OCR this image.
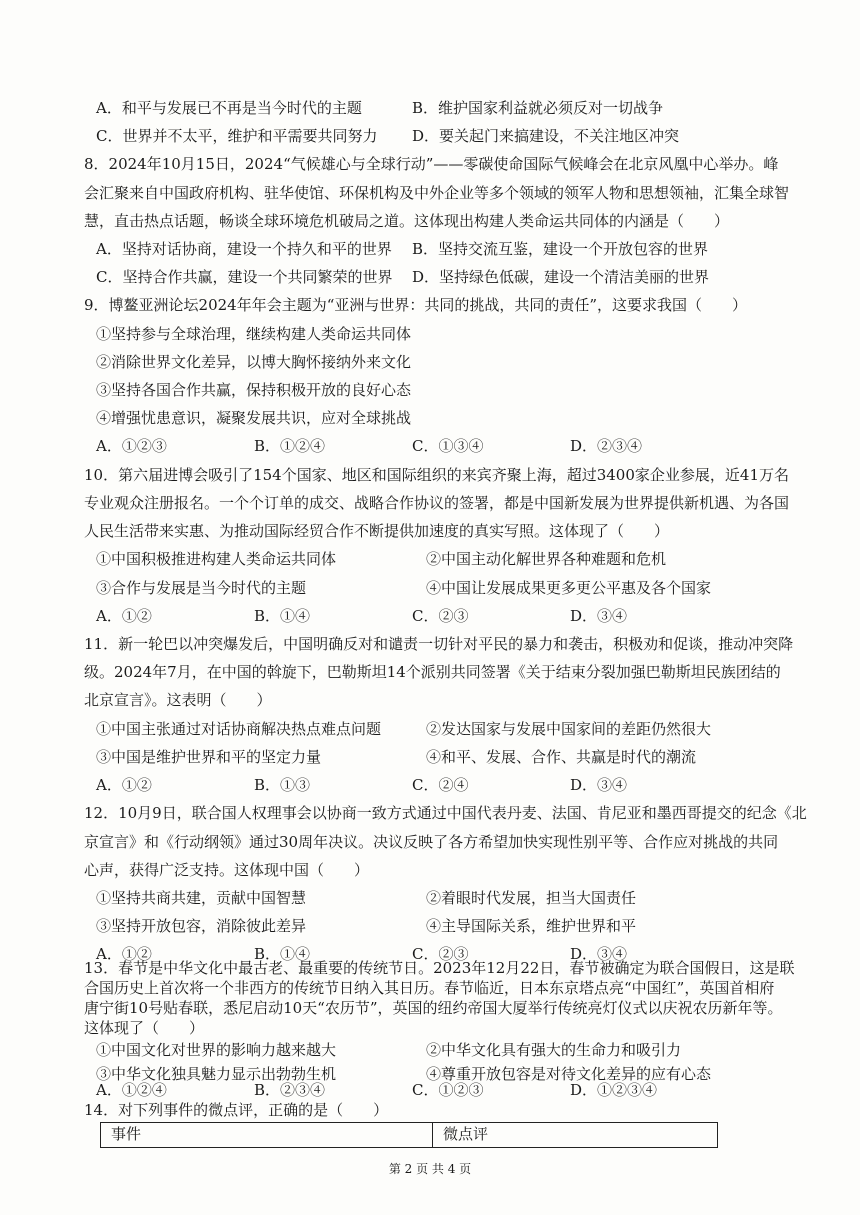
A．和平与发展已不再是当今时代的主题	B．维护国家利益就必须反对一切战争
C．世界并不太平，维护和平需要共同努力 D．要关起门来搞建设，不关注地区冲突
8．2024年10月15日，2024“气候雄心与全球行动”——零碳使命国际气候峰会在北京风凰中心举办。峰
会汇聚来自中国政府机构、驻华使馆、环保机构及中外企业等多个领域的领军人物和思想领袖，汇集全球智
慧，直击热点话题，畅谈全球环境危机破局之道。这体现出构建人类命运共同体的内涵是（　　）
A．坚持对话协商，建设一个持久和平的世界 B．坚持交流互鉴，建设一个开放包容的世界
C．坚持合作共赢，建设一个共同繁荣的世界 D．坚持绿色低碳，建设一个清洁美丽的世界
9．博鳌亚洲论坛2024年年会主题为“亚洲与世界：共同的挑战，共同的责任”，这要求我国（　　）
①坚持参与全球治理，继续构建人类命运共同体
②消除世界文化差异，以博大胸怀接纳外来文化
③坚持各国合作共赢，保持积极开放的良好心态
④增强忧患意识，凝聚发展共识，应对全球挑战
A．①②③	B．①②④	C．①③④	D．②③④
10．第六届进博会吸引了154个国家、地区和国际组织的来宾齐聚上海，超过3400家企业参展，近41万名
专业观众注册报名。一个个订单的成交、战略合作协议的签署，都是中国新发展为世界提供新机遇、为各国
人民生活带来实惠、为推动国际经贸合作不断提供加速度的真实写照。这体现了（　　）
①中国积极推进构建人类命运共同体	②中国主动化解世界各种难题和危机
③合作与发展是当今时代的主题	④中国让发展成果更多更公平惠及各个国家
A．①②	B．①④	C．②③	D．③④
11．新一轮巴以冲突爆发后，中国明确反对和谴责一切针对平民的暴力和袭击，积极劝和促谈，推动冲突降
级。2024年7月，在中国的斡旋下，巴勒斯坦14个派别共同签署《关于结束分裂加强巴勒斯坦民族团结的
北京宣言》。这表明（　　）
①中国主张通过对话协商解决热点难点问题	②发达国家与发展中国家间的差距仍然很大
③中国是维护世界和平的坚定力量	④和平、发展、合作、共赢是时代的潮流
A．①②	B．①③	C．②④	D．③④
12．10月9日，联合国人权理事会以协商一致方式通过中国代表丹麦、法国、肯尼亚和墨西哥提交的纪念《北
京宣言》和《行动纲领》通过30周年决议。决议反映了各方希望加快实现性别平等、合作应对挑战的共同
心声，获得广泛支持。这体现中国（　　）
①坚持共商共建，贡献中国智慧	②着眼时代发展，担当大国责任
③坚持开放包容，消除彼此差异	④主导国际关系，维护世界和平
A．①②	B．①④	C．②③	D．③④
13．春节是中华文化中最古老、最重要的传统节日。2023年12月22日，春节被确定为联合国假日，这是联
合国历史上首次将一个非西方的传统节日纳入其日历。春节临近，日本东京塔点亮“中国红”，英国首相府
唐宁街10号贴春联，悉尼启动10天“农历节”，英国的纽约帝国大厦举行传统亮灯仪式以庆祝农历新年等。
这体现了（　　）
①中国文化对世界的影响力越来越大	②中华文化具有强大的生命力和吸引力
③中华文化独具魅力显示出勃勃生机	④尊重开放包容是对待文化差异的应有心态
A．①②④	B．②③④	C．①②③	D．①②③④
14．对下列事件的微点评，正确的是（　　）
第 2 页 共 4 页
事件	微点评
